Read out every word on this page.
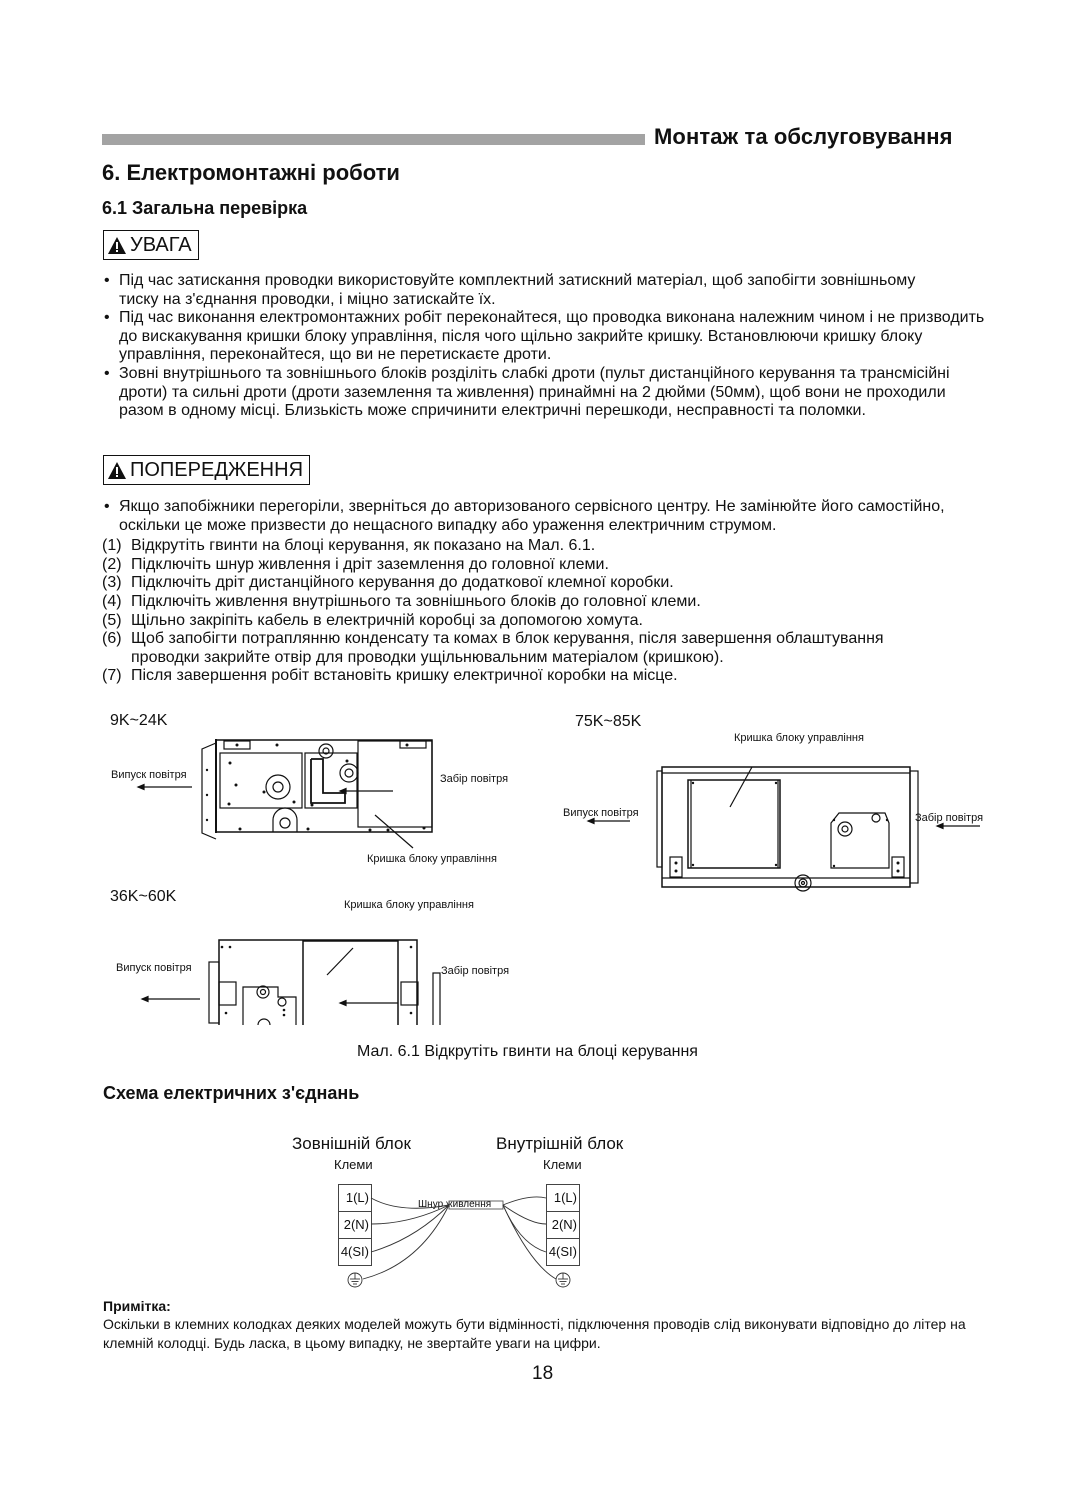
Монтаж та обслуговування
6. Електромонтажні роботи
6.1 Загальна перевірка
УВАГА
• Під час затискання проводки використовуйте комплектний затискний матеріал, щоб запобігти зовнішньому тиску на з'єднання проводки, і міцно затискайте їх.
• Під час виконання електромонтажних робіт переконайтеся, що проводка виконана належним чином і не призводить до вискакування кришки блоку управління, після чого щільно закрийте кришку. Встановлюючи кришку блоку управління, переконайтеся, що ви не перетискаєте дроти.
• Зовні внутрішнього та зовнішнього блоків розділіть слабкі дроти (пульт дистанційного керування та трансмісійні дроти) та сильні дроти (дроти заземлення та живлення) принаймні на 2 дюйми (50мм), щоб вони не проходили разом в одному місці. Близькість може спричинити електричні перешкоди, несправності та поломки.
ПОПЕРЕДЖЕННЯ
• Якщо запобіжники перегоріли, зверніться до авторизованого сервісного центру. Не замінюйте його самостійно, оскільки це може призвести до нещасного випадку або ураження електричним струмом.
(1) Відкрутіть гвинти на блоці керування, як показано на Мал. 6.1.
(2) Підключіть шнур живлення і дріт заземлення до головної клеми.
(3) Підключіть дріт дистанційного керування до додаткової клемної коробки.
(4) Підключіть живлення внутрішнього та зовнішнього блоків до головної клеми.
(5) Щільно закріпіть кабель в електричній коробці за допомогою хомута.
(6) Щоб запобігти потраплянню конденсату та комах в блок керування, після завершення облаштування проводки закрийте отвір для проводки ущільнювальним матеріалом (кришкою).
(7) Після завершення робіт встановіть кришку електричної коробки на місце.
9K~24K
Випуск повітря	Забір повітря
Кришка блоку управління
75K~85K
Кришка блоку управління
Випуск повітря	Забір повітря
36K~60K	Кришка блоку управління
Випуск повітря	Забір повітря
Мал. 6.1 Відкрутіть гвинти на блоці керування
Схема електричних з'єднань
Зовнішній блок
Клеми
Внутрішній блок
Клеми
Шнур живлення
1(L)
2(N)
4(SI)
1(L)
2(N)
4(SI)
Примітка:
Оскільки в клемних колодках деяких моделей можуть бути відмінності, підключення проводів слід виконувати відповідно до літер на клемній колодці. Будь ласка, в цьому випадку, не звертайте уваги на цифри.
18
